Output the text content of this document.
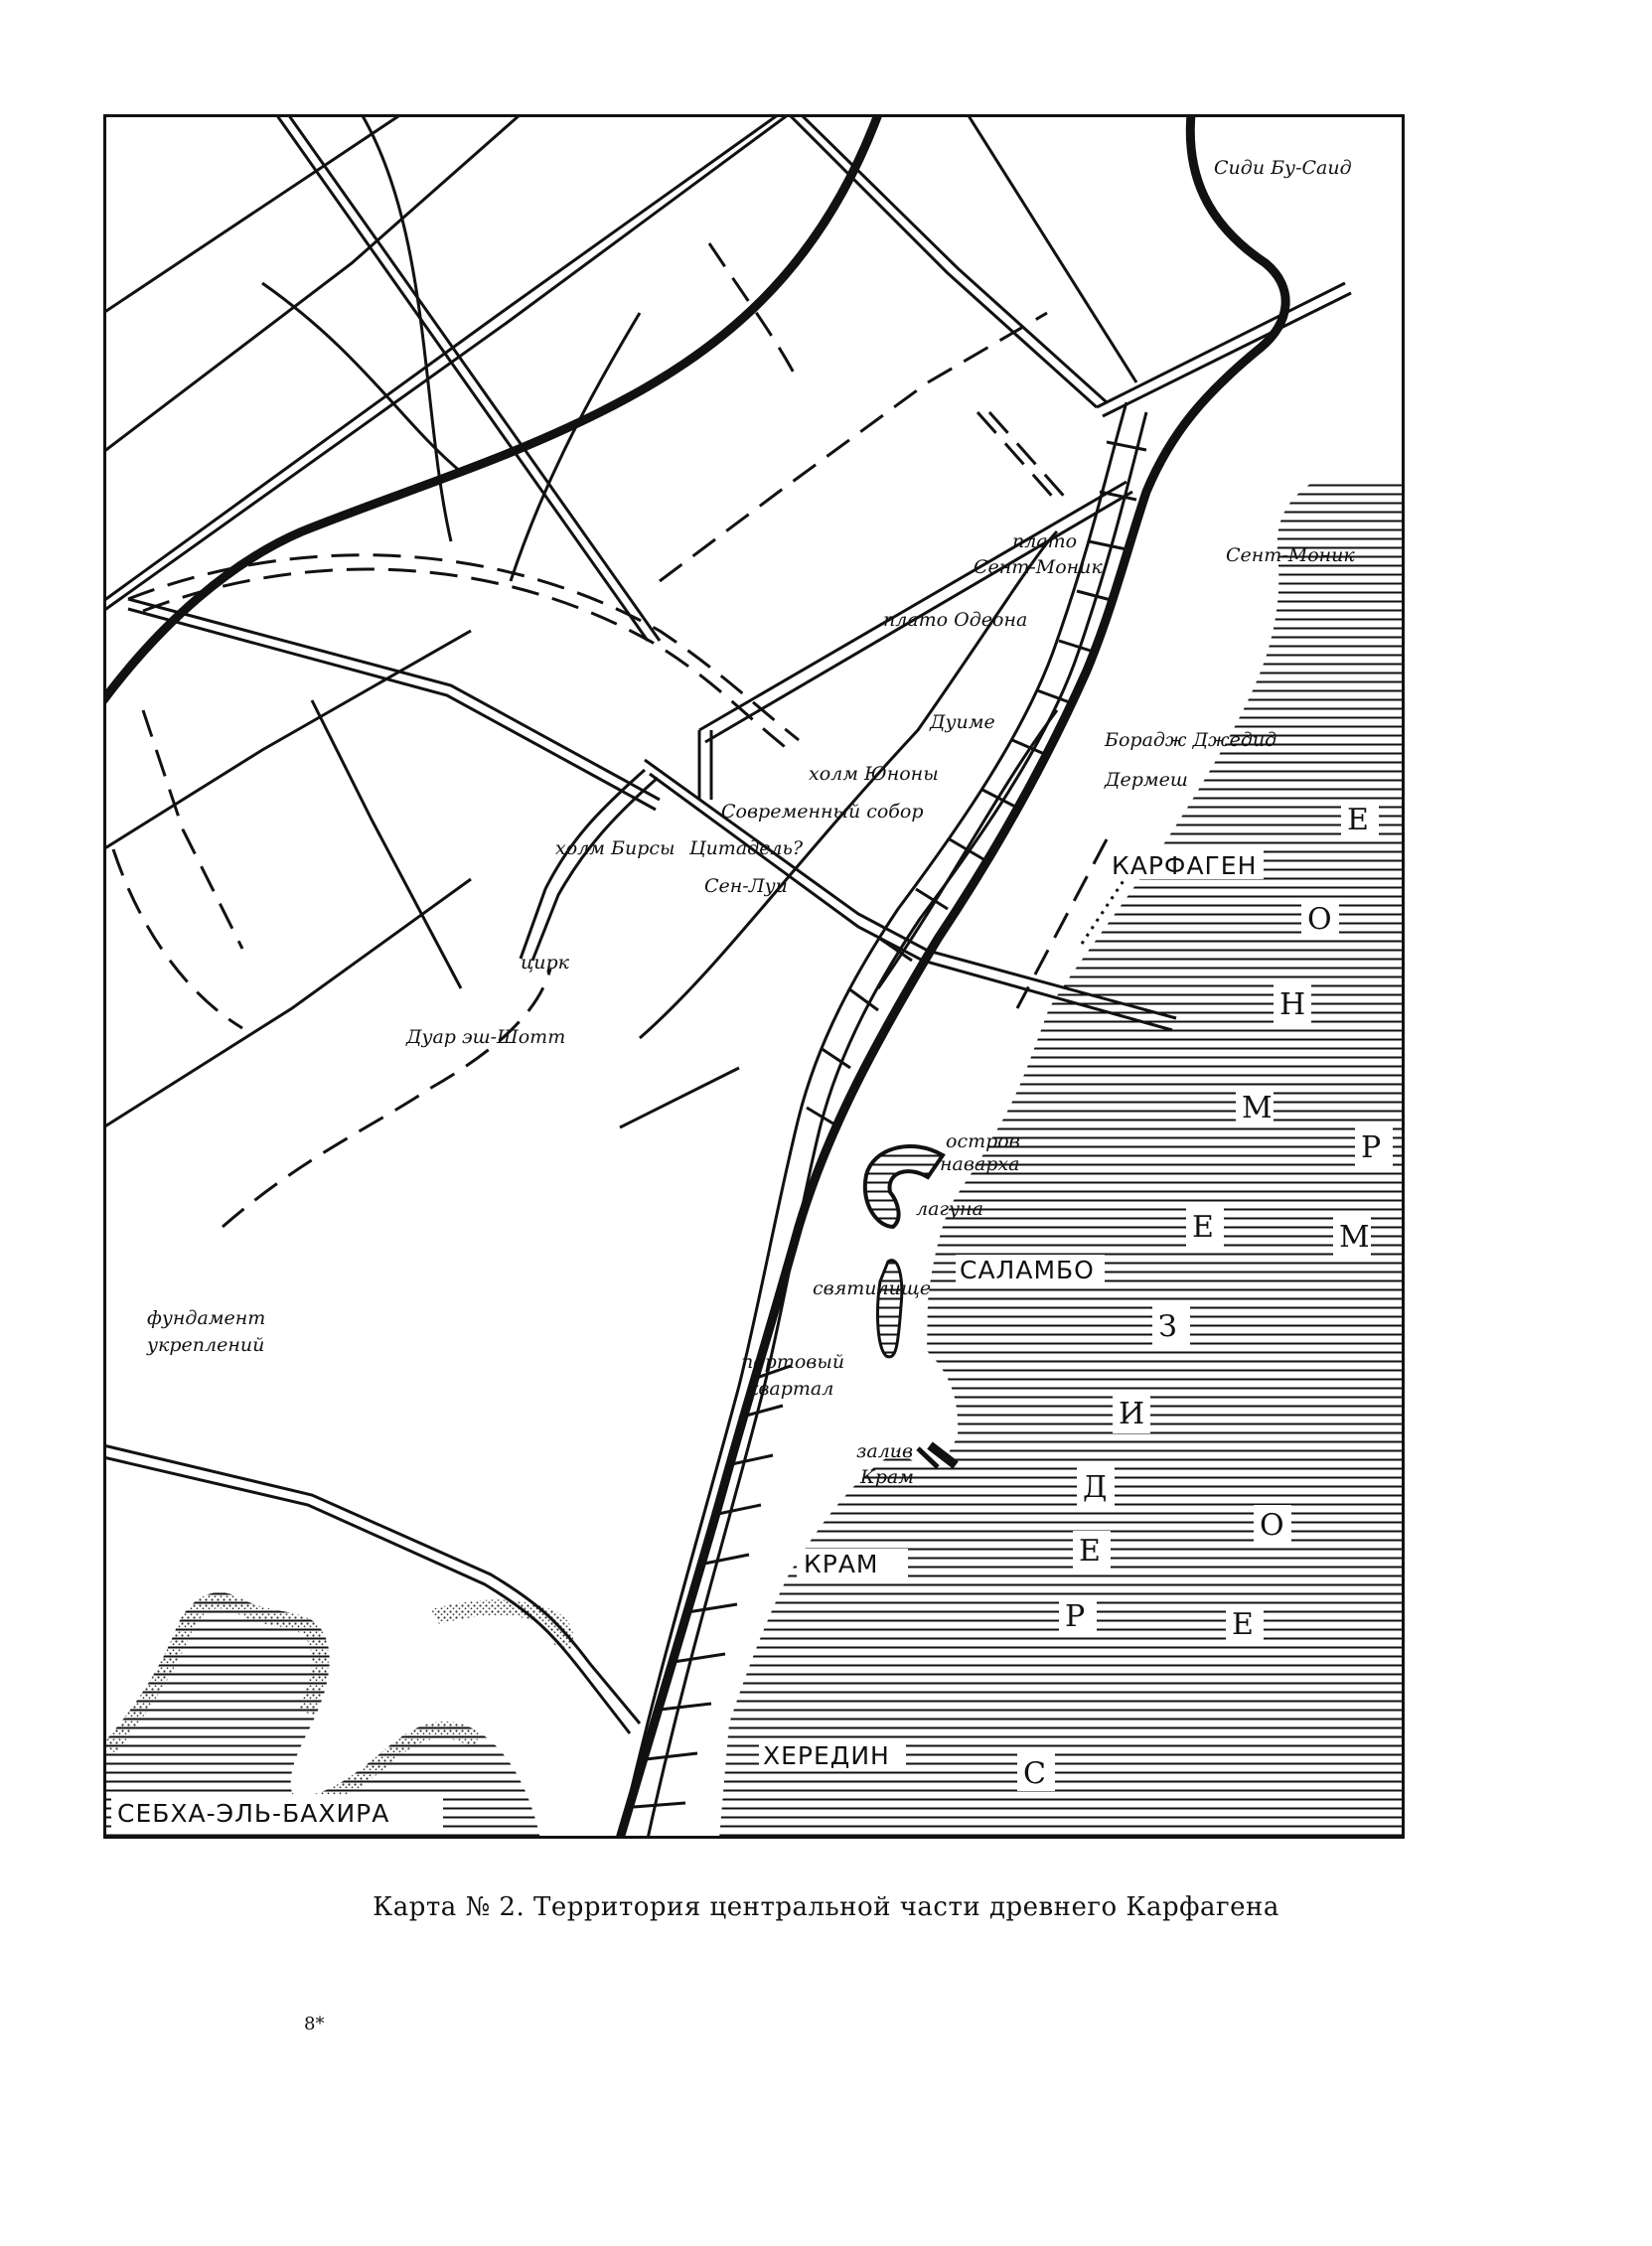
Сиди Бу-Саид
Сент-Моник
плато
Сент-Моник
плато Одеона
Дуиме
Борадж Джедид
Дермеш
холм Юноны
Современный собор
холм Бирсы Цитадель?
Сен-Луи
цирк
Дуар эш-Шотт
остров
наварха
лагуна
святилище
фундамент
укреплений
портовый
квартал
залив
Крам
КАРФАГЕН
САЛАМБО
КРАМ
ХЕРЕДИН
СЕБХА-ЭЛЬ-БАХИРА
С
Р
Е
Д
И
З
Е
М
Н
О
Е
М
О
Р
Е
Карта № 2. Территория центральной части древнего Карфагена
8*
